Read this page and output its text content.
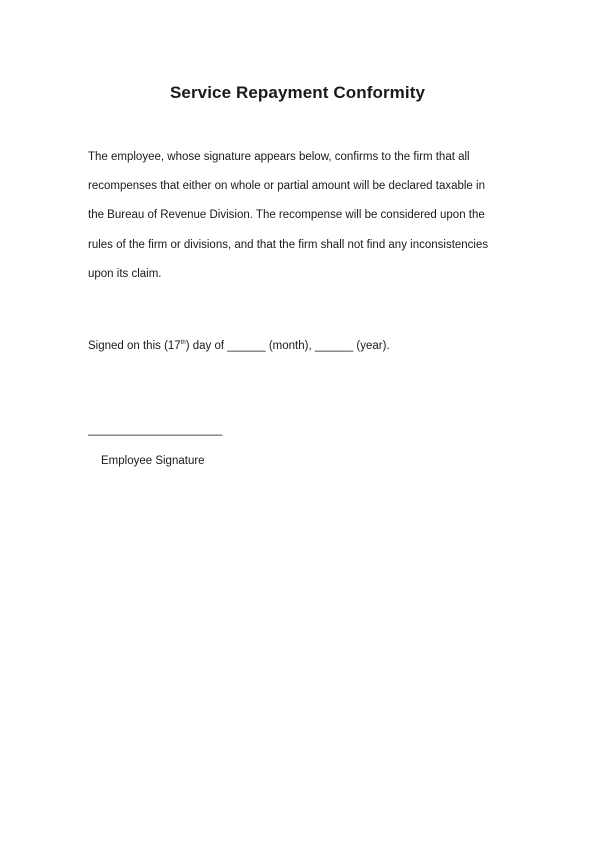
Service Repayment Conformity

The employee, whose signature appears below, confirms to the firm that all
recompenses that either on whole or partial amount will be declared taxable in
the Bureau of Revenue Division. The recompense will be considered upon the
rules of the firm or divisions, and that the firm shall not find any inconsistencies
upon its claim.

Signed on this (17th) day of ______ (month), ______ (year).

______________________

Employee Signature
